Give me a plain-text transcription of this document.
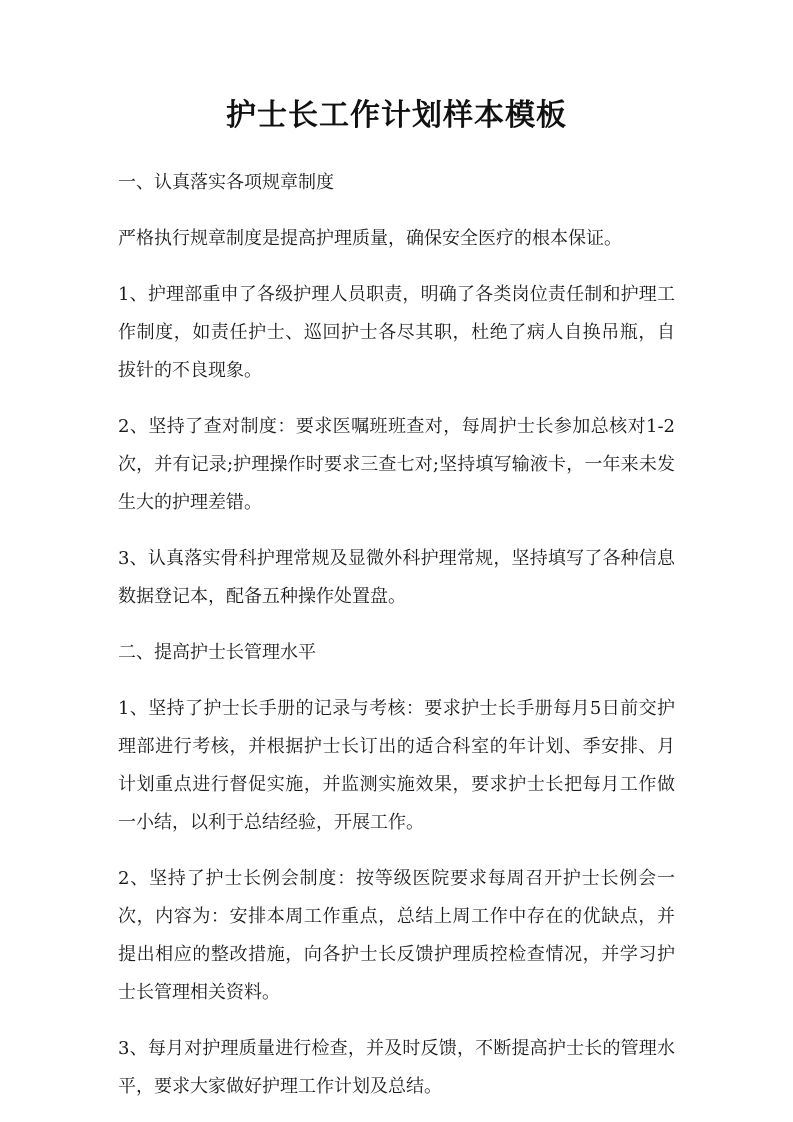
护士长工作计划样本模板

一、认真落实各项规章制度

严格执行规章制度是提高护理质量，确保安全医疗的根本保证。

1、护理部重申了各级护理人员职责，明确了各类岗位责任制和护理工作制度，如责任护士、巡回护士各尽其职，杜绝了病人自换吊瓶，自拔针的不良现象。

2、坚持了查对制度：要求医嘱班班查对，每周护士长参加总核对1-2次，并有记录;护理操作时要求三查七对;坚持填写输液卡，一年来未发生大的护理差错。

3、认真落实骨科护理常规及显微外科护理常规，坚持填写了各种信息数据登记本，配备五种操作处置盘。

二、提高护士长管理水平

1、坚持了护士长手册的记录与考核：要求护士长手册每月5日前交护理部进行考核，并根据护士长订出的适合科室的年计划、季安排、月计划重点进行督促实施，并监测实施效果，要求护士长把每月工作做一小结，以利于总结经验，开展工作。

2、坚持了护士长例会制度：按等级医院要求每周召开护士长例会一次，内容为：安排本周工作重点，总结上周工作中存在的优缺点，并提出相应的整改措施，向各护士长反馈护理质控检查情况，并学习护士长管理相关资料。

3、每月对护理质量进行检查，并及时反馈，不断提高护士长的管理水平，要求大家做好护理工作计划及总结。
